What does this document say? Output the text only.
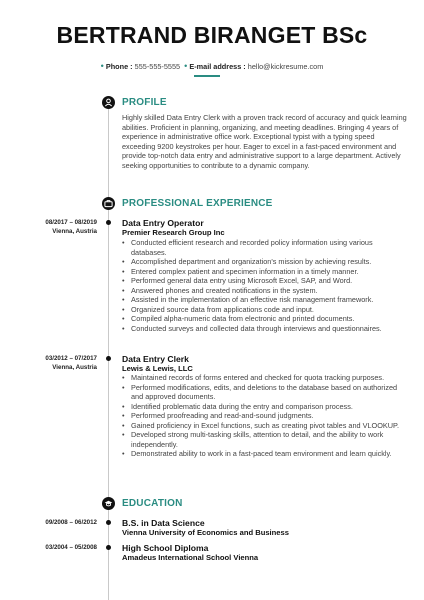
BERTRAND BIRANGET BSc
• Phone : 555-555-5555 • E-mail address : hello@kickresume.com
PROFILE
Highly skilled Data Entry Clerk with a proven track record of accuracy and quick learning abilities. Proficient in planning, organizing, and meeting deadlines. Bringing 4 years of experience in administrative office work. Exceptional typist with a typing speed exceeding 9200 keystrokes per hour. Eager to excel in a fast-paced environment and provide top-notch data entry and administrative support to a large department. Actively seeking opportunities to contribute to a dynamic company.
PROFESSIONAL EXPERIENCE
08/2017 – 08/2019
Vienna, Austria
Data Entry Operator
Premier Research Group Inc
• Conducted efficient research and recorded policy information using various databases.
• Accomplished department and organization's mission by achieving results.
• Entered complex patient and specimen information in a timely manner.
• Performed general data entry using Microsoft Excel, SAP, and Word.
• Answered phones and created notifications in the system.
• Assisted in the implementation of an effective risk management framework.
• Organized source data from applications code and input.
• Compiled alpha-numeric data from electronic and printed documents.
• Conducted surveys and collected data through interviews and questionnaires.
03/2012 – 07/2017
Vienna, Austria
Data Entry Clerk
Lewis & Lewis, LLC
• Maintained records of forms entered and checked for quota tracking purposes.
• Performed modifications, edits, and deletions to the database based on authorized and approved documents.
• Identified problematic data during the entry and comparison process.
• Performed proofreading and read-and-sound judgments.
• Gained proficiency in Excel functions, such as creating pivot tables and VLOOKUP.
• Developed strong multi-tasking skills, attention to detail, and the ability to work independently.
• Demonstrated ability to work in a fast-paced team environment and learn quickly.
EDUCATION
09/2008 – 06/2012	B.S. in Data Science
Vienna University of Economics and Business
03/2004 – 05/2008	High School Diploma
Amadeus International School Vienna
